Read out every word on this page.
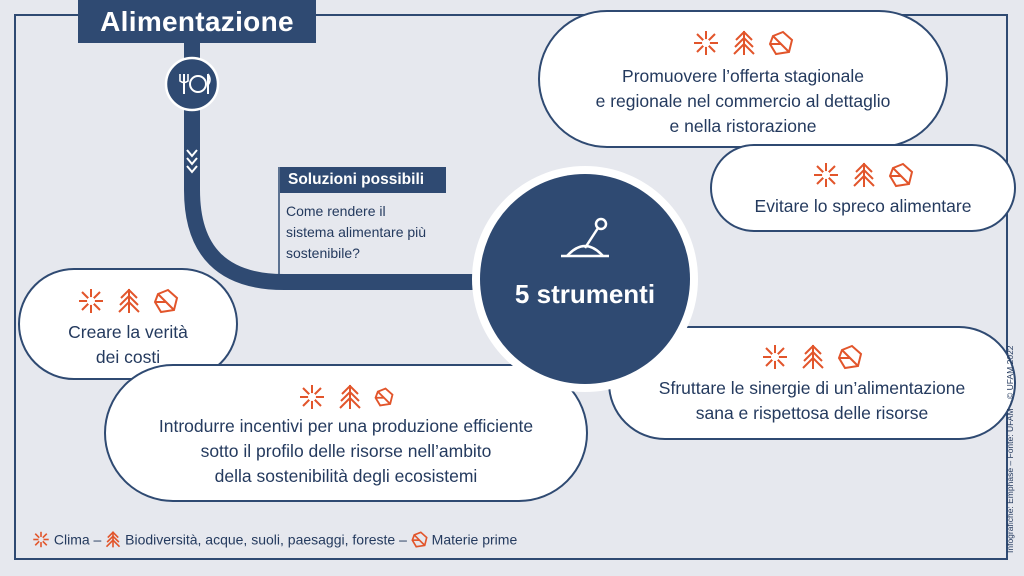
Alimentazione
Soluzioni possibili
Come rendere il
sistema alimentare più
sostenibile?

Promuovere l’offerta stagionale
e regionale nel commercio al dettaglio
e nella ristorazione

Evitare lo spreco alimentare

Sfruttare le sinergie di un’alimentazione
sana e rispettosa delle risorse

Creare la verità
dei costi

Introdurre incentivi per una produzione efficiente
sotto il profilo delle risorse nell’ambito
della sostenibilità degli ecosistemi
5 strumenti
Clima – Biodiversità, acque, suoli, paesaggi, foreste – Materie prime	Infografiche: Emphase – Fonte: UFAM – © UFAM 2022
